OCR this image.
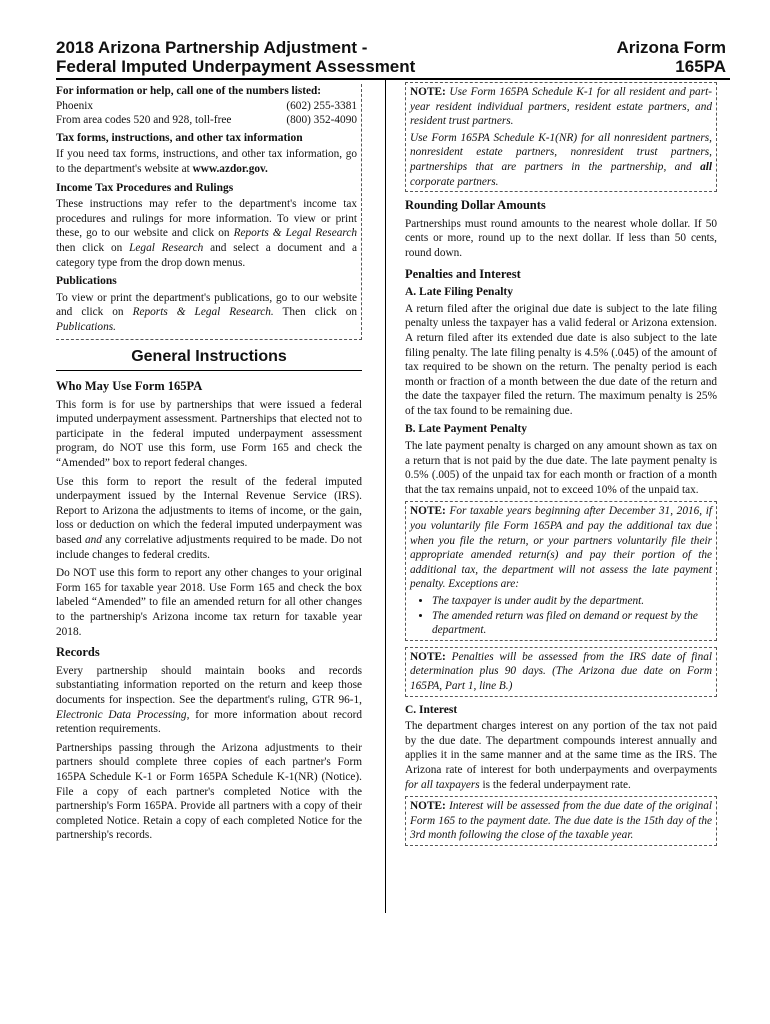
2018 Arizona Partnership Adjustment -
Federal Imputed Underpayment Assessment
Arizona Form
165PA
For information or help, call one of the numbers listed:
Phoenix	(602) 255-3381
From area codes 520 and 928, toll-free	(800) 352-4090
Tax forms, instructions, and other tax information

If you need tax forms, instructions, and other tax information, go to the department's website at www.azdor.gov.

Income Tax Procedures and Rulings

These instructions may refer to the department's income tax procedures and rulings for more information. To view or print these, go to our website and click on Reports & Legal Research then click on Legal Research and select a document and a category type from the drop down menus.

Publications

To view or print the department's publications, go to our website and click on Reports & Legal Research. Then click on Publications.

General Instructions
Who May Use Form 165PA

This form is for use by partnerships that were issued a federal imputed underpayment assessment. Partnerships that elected not to participate in the federal imputed underpayment assessment program, do NOT use this form, use Form 165 and check the “Amended” box to report federal changes.

Use this form to report the result of the federal imputed underpayment issued by the Internal Revenue Service (IRS). Report to Arizona the adjustments to items of income, or the gain, loss or deduction on which the federal imputed underpayment was based and any correlative adjustments required to be made. Do not include changes to federal credits.

Do NOT use this form to report any other changes to your original Form 165 for taxable year 2018. Use Form 165 and check the box labeled “Amended” to file an amended return for all other changes to the partnership's Arizona income tax return for taxable year 2018.

Records

Every partnership should maintain books and records substantiating information reported on the return and keep those documents for inspection. See the department's ruling, GTR 96-1, Electronic Data Processing, for more information about record retention requirements.

Partnerships passing through the Arizona adjustments to their partners should complete three copies of each partner's Form 165PA Schedule K-1 or Form 165PA Schedule K-1(NR) (Notice). File a copy of each partner's completed Notice with the partnership's Form 165PA. Provide all partners with a copy of their completed Notice. Retain a copy of each completed Notice for the partnership's records.

NOTE: Use Form 165PA Schedule K-1 for all resident and part-year resident individual partners, resident estate partners, and resident trust partners.

Use Form 165PA Schedule K-1(NR) for all nonresident partners, nonresident estate partners, nonresident trust partners, partnerships that are partners in the partnership, and all corporate partners.

Rounding Dollar Amounts

Partnerships must round amounts to the nearest whole dollar. If 50 cents or more, round up to the next dollar. If less than 50 cents, round down.

Penalties and Interest
A. Late Filing Penalty

A return filed after the original due date is subject to the late filing penalty unless the taxpayer has a valid federal or Arizona extension. A return filed after its extended due date is also subject to the late filing penalty. The late filing penalty is 4.5% (.045) of the amount of tax required to be shown on the return. The penalty period is each month or fraction of a month between the due date of the return and the date the taxpayer filed the return. The maximum penalty is 25% of the tax found to be remaining due.

B. Late Payment Penalty

The late payment penalty is charged on any amount shown as tax on a return that is not paid by the due date. The late payment penalty is 0.5% (.005) of the unpaid tax for each month or fraction of a month that the tax remains unpaid, not to exceed 10% of the unpaid tax.

NOTE: For taxable years beginning after December 31, 2016, if you voluntarily file Form 165PA and pay the additional tax due when you file the return, or your partners voluntarily file their appropriate amended return(s) and pay their portion of the additional tax, the department will not assess the late payment penalty. Exceptions are:

• The taxpayer is under audit by the department.
• The amended return was filed on demand or request by the department.

NOTE: Penalties will be assessed from the IRS date of final determination plus 90 days. (The Arizona due date on Form 165PA, Part 1, line B.)

C. Interest

The department charges interest on any portion of the tax not paid by the due date. The department compounds interest annually and applies it in the same manner and at the same time as the IRS. The Arizona rate of interest for both underpayments and overpayments for all taxpayers is the federal underpayment rate.

NOTE: Interest will be assessed from the due date of the original Form 165 to the payment date. The due date is the 15th day of the 3rd month following the close of the taxable year.
